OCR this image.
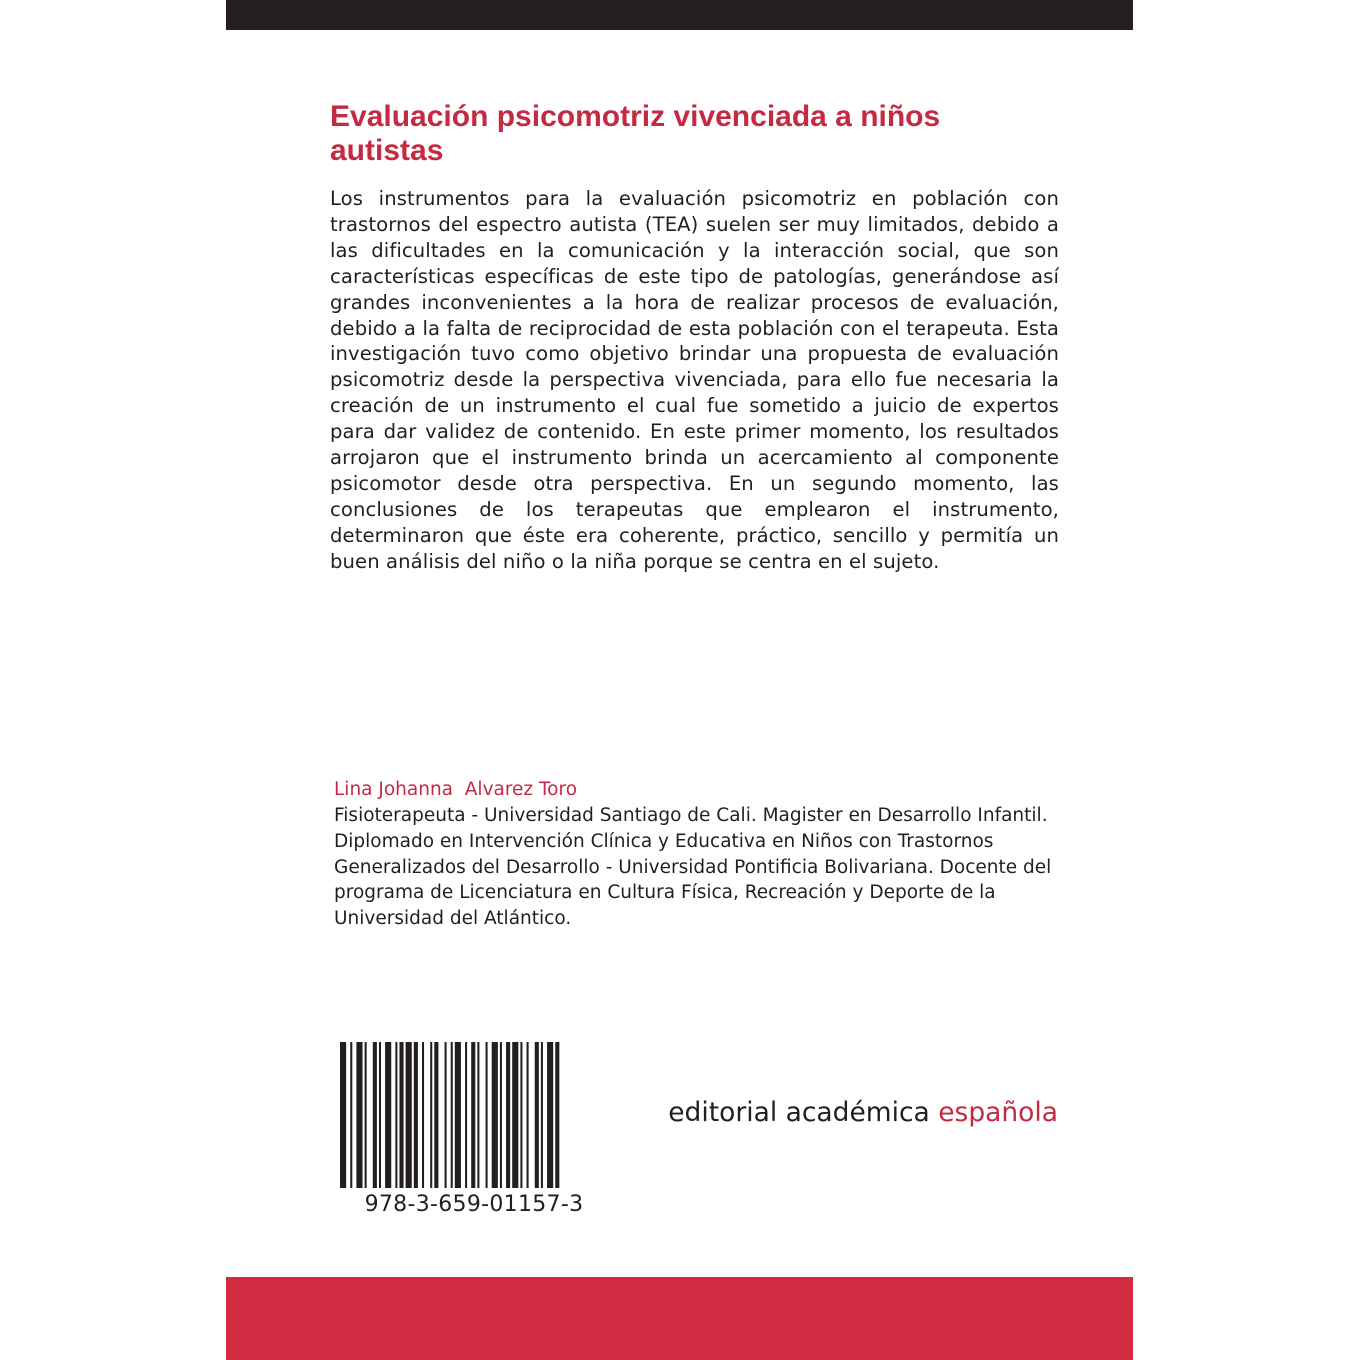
Evaluación psicomotriz vivenciada a niños autistas

Los instrumentos para la evaluación psicomotriz en población con trastornos del espectro autista (TEA) suelen ser muy limitados, debido a las dificultades en la comunicación y la interacción social, que son características específicas de este tipo de patologías, generándose así grandes inconvenientes a la hora de realizar procesos de evaluación, debido a la falta de reciprocidad de esta población con el terapeuta. Esta investigación tuvo como objetivo brindar una propuesta de evaluación psicomotriz desde la perspectiva vivenciada, para ello fue necesaria la creación de un instrumento el cual fue sometido a juicio de expertos para dar validez de contenido. En este primer momento, los resultados arrojaron que el instrumento brinda un acercamiento al componente psicomotor desde otra perspectiva. En un segundo momento, las conclusiones de los terapeutas que emplearon el instrumento, determinaron que éste era coherente, práctico, sencillo y permitía un buen análisis del niño o la niña porque se centra en el sujeto.

Lina Johanna  Alvarez Toro

Fisioterapeuta - Universidad Santiago de Cali. Magister en Desarrollo Infantil. Diplomado en Intervención Clínica y Educativa en Niños con Trastornos Generalizados del Desarrollo - Universidad Pontificia Bolivariana. Docente del programa de Licenciatura en Cultura Física, Recreación y Deporte de la Universidad del Atlántico.

978-3-659-01157-3
editorial académica española
